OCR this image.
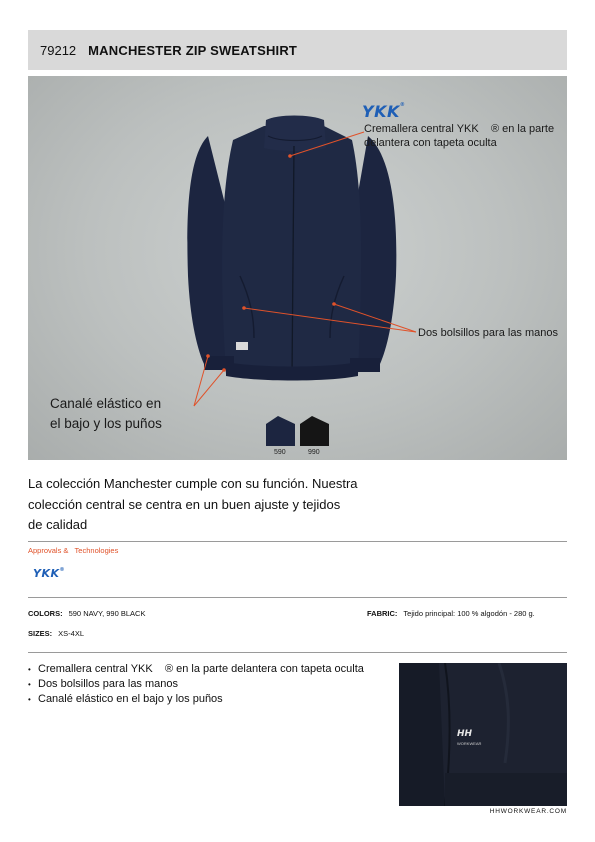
79212 MANCHESTER ZIP SWEATSHIRT
YKK®
Cremallera central YKK    ® en la parte delantera con tapeta oculta
Dos bolsillos para las manos
Canalé elástico en
el bajo y los puños
590	990
La colección Manchester cumple con su función. Nuestra colección central se centra en un buen ajuste y tejidos de calidad
Approvals &   Technologies
YKK®
COLORS: 590 NAVY, 990 BLACK	FABRIC: Tejido principal: 100 % algodón - 280 g.
SIZES: XS-4XL
• Cremallera central YKK    ® en la parte delantera con tapeta oculta
• Dos bolsillos para las manos
• Canalé elástico en el bajo y los puños
HH
WORKWEAR
HHWORKWEAR.COM
